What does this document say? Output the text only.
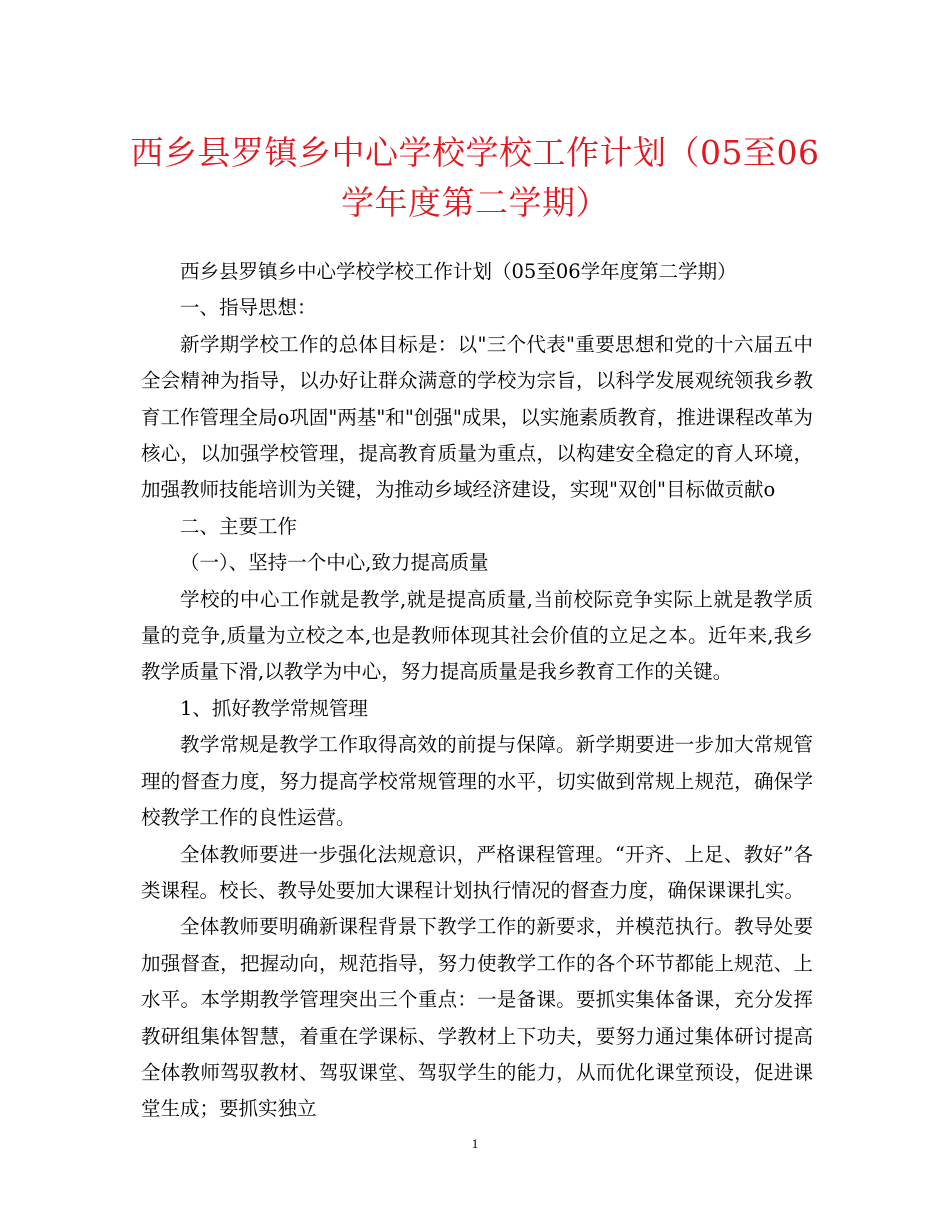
西乡县罗镇乡中心学校学校工作计划（05至06学年度第二学期）

西乡县罗镇乡中心学校学校工作计划（05至06学年度第二学期）

一、指导思想：

新学期学校工作的总体目标是：以"三个代表"重要思想和党的十六届五中全会精神为指导，以办好让群众满意的学校为宗旨，以科学发展观统领我乡教育工作管理全局o巩固"两基"和"创强"成果，以实施素质教育，推进课程改革为核心，以加强学校管理，提高教育质量为重点，以构建安全稳定的育人环境，加强教师技能培训为关键，为推动乡域经济建设，实现"双创"目标做贡献o

二、主要工作

（一）、坚持一个中心,致力提高质量

学校的中心工作就是教学,就是提高质量,当前校际竞争实际上就是教学质量的竞争,质量为立校之本,也是教师体现其社会价值的立足之本。近年来,我乡教学质量下滑,以教学为中心，努力提高质量是我乡教育工作的关键。

1、抓好教学常规管理

教学常规是教学工作取得高效的前提与保障。新学期要进一步加大常规管理的督查力度，努力提高学校常规管理的水平，切实做到常规上规范，确保学校教学工作的良性运营。

全体教师要进一步强化法规意识，严格课程管理。“开齐、上足、教好”各类课程。校长、教导处要加大课程计划执行情况的督查力度，确保课课扎实。

全体教师要明确新课程背景下教学工作的新要求，并模范执行。教导处要加强督查，把握动向，规范指导，努力使教学工作的各个环节都能上规范、上水平。本学期教学管理突出三个重点：一是备课。要抓实集体备课，充分发挥教研组集体智慧，着重在学课标、学教材上下功夫，要努力通过集体研讨提高全体教师驾驭教材、驾驭课堂、驾驭学生的能力，从而优化课堂预设，促进课堂生成；要抓实独立

1
